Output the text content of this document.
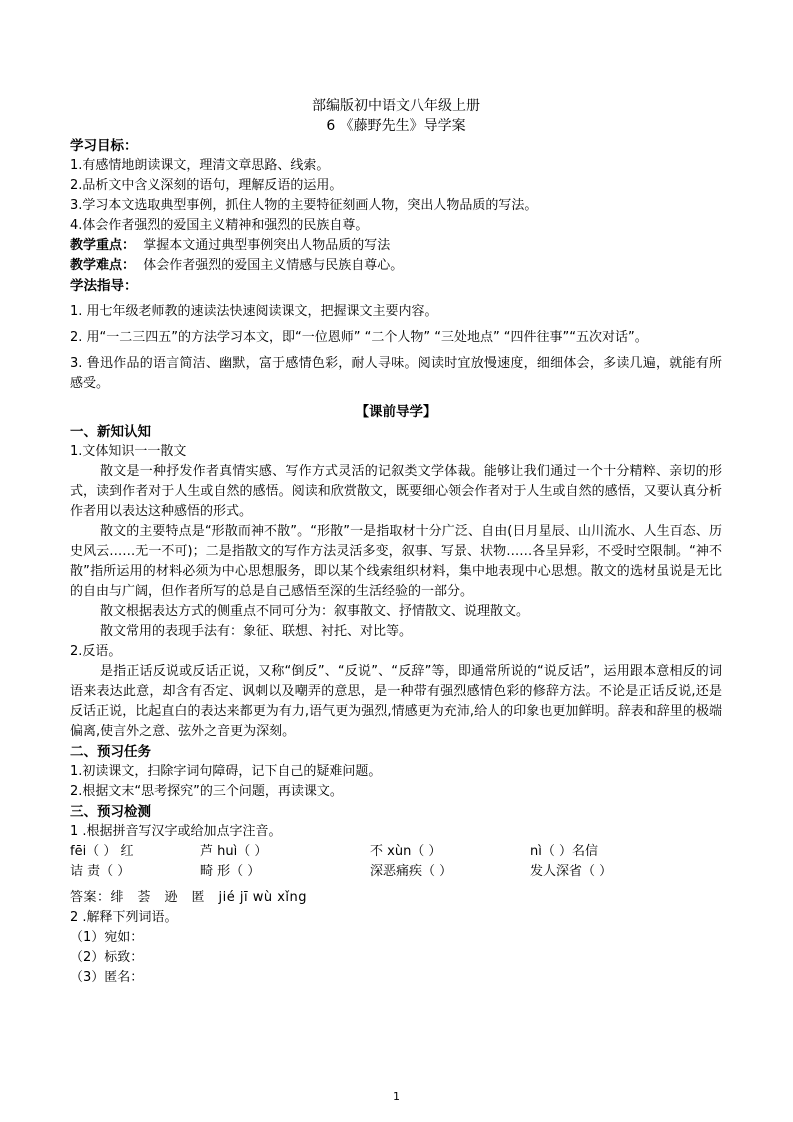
部编版初中语文八年级上册
6 《藤野先生》导学案
学习目标：
1.有感情地朗读课文，理清文章思路、线索。
2.品析文中含义深刻的语句，理解反语的运用。
3.学习本文选取典型事例，抓住人物的主要特征刻画人物，突出人物品质的写法。
4.体会作者强烈的爱国主义精神和强烈的民族自尊。
教学重点： 掌握本文通过典型事例突出人物品质的写法
教学难点： 体会作者强烈的爱国主义情感与民族自尊心。
学法指导：
1. 用七年级老师教的速读法快速阅读课文，把握课文主要内容。
2. 用“一二三四五”的方法学习本文，即“一位恩师” “二个人物” “三处地点” “四件往事”“五次对话”。
3. 鲁迅作品的语言简洁、幽默，富于感情色彩，耐人寻味。阅读时宜放慢速度，细细体会，多读几遍，就能有所感受。
【课前导学】
一、新知认知
1.文体知识一一散文
散文是一种抒发作者真情实感、写作方式灵活的记叙类文学体裁。能够让我们通过一个十分精粹、亲切的形式，读到作者对于人生或自然的感悟。阅读和欣赏散文，既要细心领会作者对于人生或自然的感悟，又要认真分析作者用以表达这种感悟的形式。
散文的主要特点是“形散而神不散”。“形散”一是指取材十分广泛、自由(日月星辰、山川流水、人生百态、历史风云……无一不可)；二是指散文的写作方法灵活多变，叙事、写景、状物……各呈异彩，不受时空限制。“神不散”指所运用的材料必须为中心思想服务，即以某个线索组织材料，集中地表现中心思想。散文的选材虽说是无比的自由与广阔，但作者所写的总是自己感悟至深的生活经验的一部分。
散文根据表达方式的侧重点不同可分为：叙事散文、抒情散文、说理散文。
散文常用的表现手法有：象征、联想、衬托、对比等。
2.反语。
是指正话反说或反话正说，又称“倒反”、“反说”、“反辞”等，即通常所说的“说反话”，运用跟本意相反的词语来表达此意，却含有否定、讽刺以及嘲弄的意思，是一种带有强烈感情色彩的修辞方法。不论是正话反说,还是反话正说，比起直白的表达来都更为有力,语气更为强烈,情感更为充沛,给人的印象也更加鲜明。辞表和辞里的极端偏离,使言外之意、弦外之音更为深刻。
二、预习任务
1.初读课文，扫除字词句障碍，记下自己的疑难问题。
2.根据文末“思考探究”的三个问题，再读课文。
三、预习检测
1 .根据拼音写汉字或给加点字注音。
fēi（ ） 红	芦 huì（ ）	不 xùn（ ）	nì（ ）名信
诘 责（ ）	畸 形（ ）	深恶痛疾（ ）	发人深省（ ）
答案：绯　荟　逊　匿　jié jī wù xǐng
2 .解释下列词语。
（1）宛如：
（2）标致：
（3）匿名：
1
